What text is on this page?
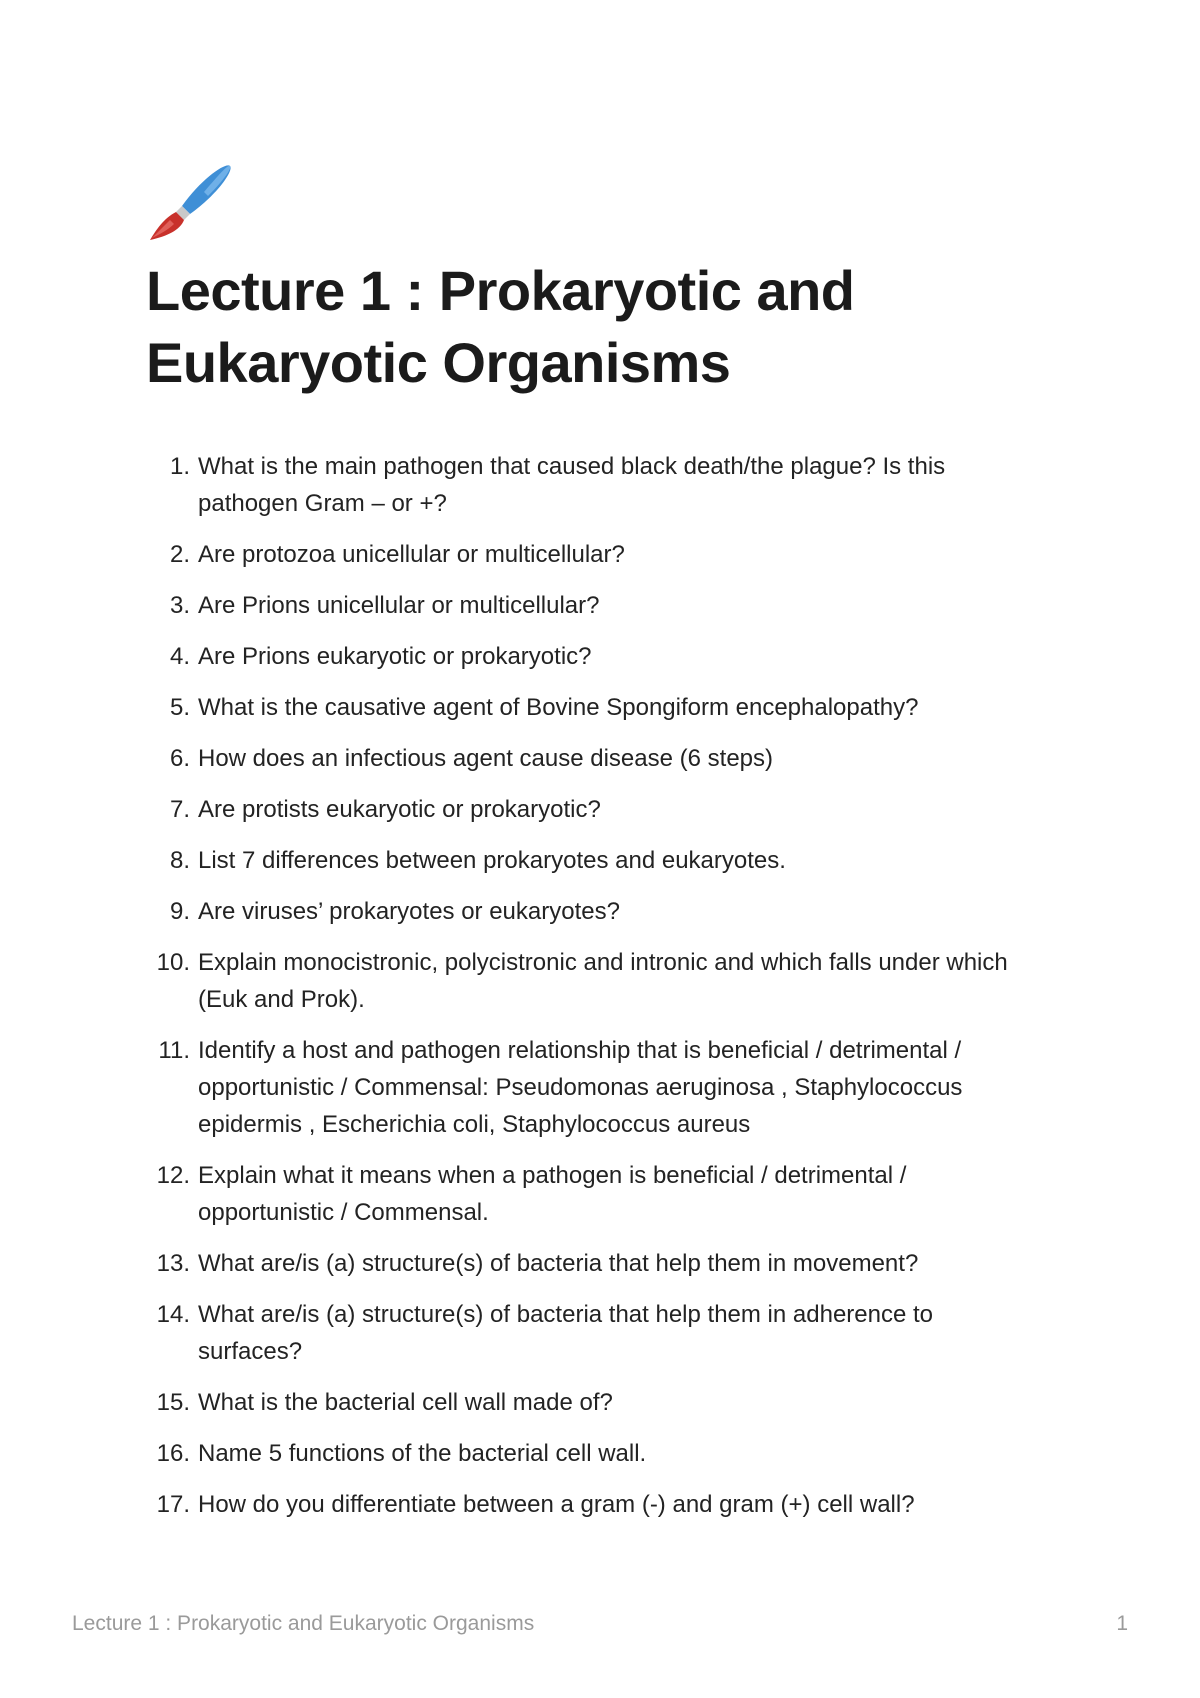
Lecture 1 : Prokaryotic and Eukaryotic Organisms
1. What is the main pathogen that caused black death/the plague? Is this pathogen Gram – or +?
2. Are protozoa unicellular or multicellular?
3. Are Prions unicellular or multicellular?
4. Are Prions eukaryotic or prokaryotic?
5. What is the causative agent of Bovine Spongiform encephalopathy?
6. How does an infectious agent cause disease (6 steps)
7. Are protists eukaryotic or prokaryotic?
8. List 7 differences between prokaryotes and eukaryotes.
9. Are viruses’ prokaryotes or eukaryotes?
10. Explain monocistronic, polycistronic and intronic and which falls under which (Euk and Prok).
11. Identify a host and pathogen relationship that is beneficial / detrimental / opportunistic / Commensal: Pseudomonas aeruginosa , Staphylococcus epidermis , Escherichia coli, Staphylococcus aureus
12. Explain what it means when a pathogen is beneficial / detrimental / opportunistic / Commensal.
13. What are/is (a) structure(s) of bacteria that help them in movement?
14. What are/is (a) structure(s) of bacteria that help them in adherence to surfaces?
15. What is the bacterial cell wall made of?
16. Name 5 functions of the bacterial cell wall.
17. How do you differentiate between a gram (-) and gram (+) cell wall?
Lecture 1 : Prokaryotic and Eukaryotic Organisms	1
